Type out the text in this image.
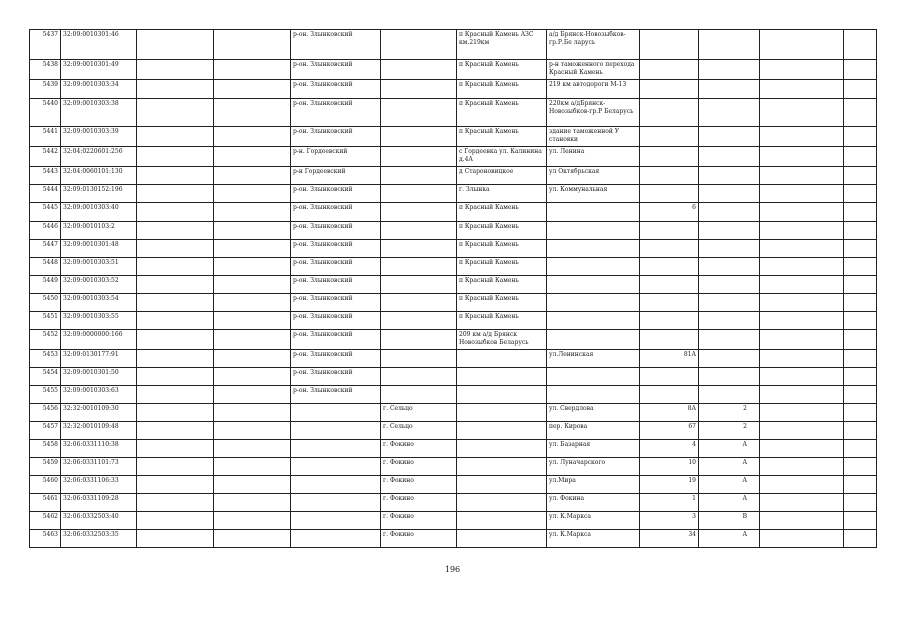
5437	32:09:0010301:46			р-он. Злынковский		п Красный Камень АЗС км.219км	а/д Брянск-Новозыбков-гр.Р.Бе ларусь				
5438	32:09:0010301:49			р-он. Злынковский		п Красный Камень	р-н таможенного перехода Красный Камень				
5439	32:09:0010303:34			р-он. Злынковский		п Красный Камень	219 км автодороги М-13				
5440	32:09:0010303:38			р-он. Злынковский		п Красный Камень	220км а/дБрянск-Новозыбков-гр.Р Беларусь				
5441	32:09:0010303:39			р-он. Злынковский		п Красный Камень	здание таможенной У становки				
5442	32:04:0220601:256			р-н. Гордеевский		с Гордеевка ул. Калинина д.4А	ул. Ленина				
5443	32:04:0060101:130			р-н Гордеевский		д Староновицкое	ул Октябрьская				
5444	32:09:0130152:196			р-он. Злынковский		г. Злынка	ул. Коммунальная				
5445	32:09:0010303:40			р-он. Злынковский		п Красный Камень		6			
5446	32:09:0010103:2			р-он. Злынковский		п Красный Камень					
5447	32:09:0010301:48			р-он. Злынковский		п Красный Камень					
5448	32:09:0010303:51			р-он. Злынковский		п Красный Камень					
5449	32:09:0010303:52			р-он. Злынковский		п Красный Камень					
5450	32:09:0010303:54			р-он. Злынковский		п Красный Камень					
5451	32:09:0010303:55			р-он. Злынковский		п Красный Камень					
5452	32:09:0000000:166			р-он. Злынковский		209 км а/д Брянск Новозыбков Беларусь					
5453	32:09:0130177:91			р-он. Злынковский			ул.Ленинская	81А			
5454	32:09:0010301:50			р-он. Злынковский							
5455	32:09:0010303:63			р-он. Злынковский							
5456	32:32:0010109:30				г. Сельцо		ул. Свердлова	8А	2		
5457	32:32:0010109:48				г. Сельцо		пер. Кирова	67	2		
5458	32:06:0331110:38				г. Фокино		ул. Базарная	4	А		
5459	32:06:0331101:73				г. Фокино		ул. Луначарского	10	А		
5460	32:06:0331106:33				г. Фокино		ул.Мира	19	А		
5461	32:06:0331109:28				г. Фокино		ул. Фокина	1	А		
5462	32:06:0332503:40				г. Фокино		ул. К.Маркса	3	В		
5463	32:06:0332503:35				г. Фокино		ул. К.Маркса	34	А		
196
